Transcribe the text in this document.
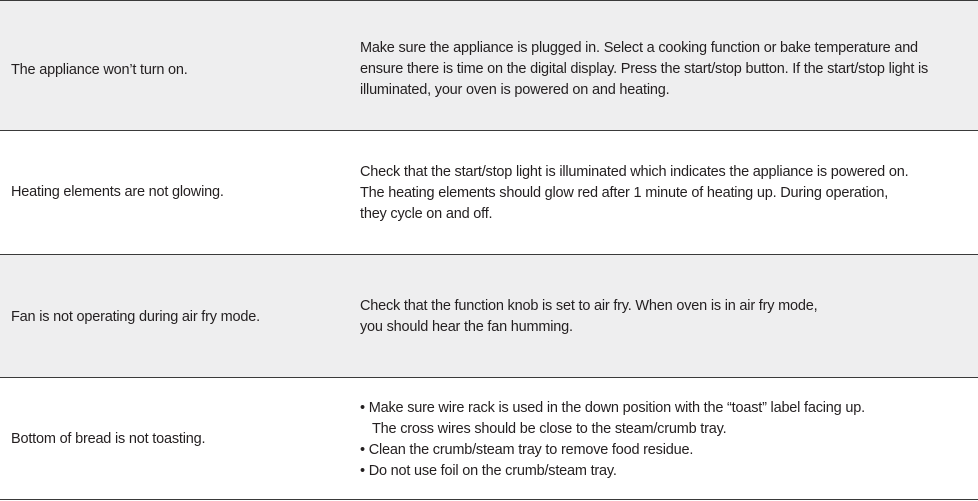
The appliance won’t turn on.
Make sure the appliance is plugged in. Select a cooking function or bake temperature and
ensure there is time on the digital display. Press the start/stop button. If the start/stop light is
illuminated, your oven is powered on and heating.
Heating elements are not glowing.
Check that the start/stop light is illuminated which indicates the appliance is powered on.
The heating elements should glow red after 1 minute of heating up. During operation,
they cycle on and off.
Fan is not operating during air fry mode.
Check that the function knob is set to air fry. When oven is in air fry mode,
you should hear the fan humming.
Bottom of bread is not toasting.
• Make sure wire rack is used in the down position with the “toast” label facing up.
The cross wires should be close to the steam/crumb tray.
• Clean the crumb/steam tray to remove food residue.
• Do not use foil on the crumb/steam tray.
